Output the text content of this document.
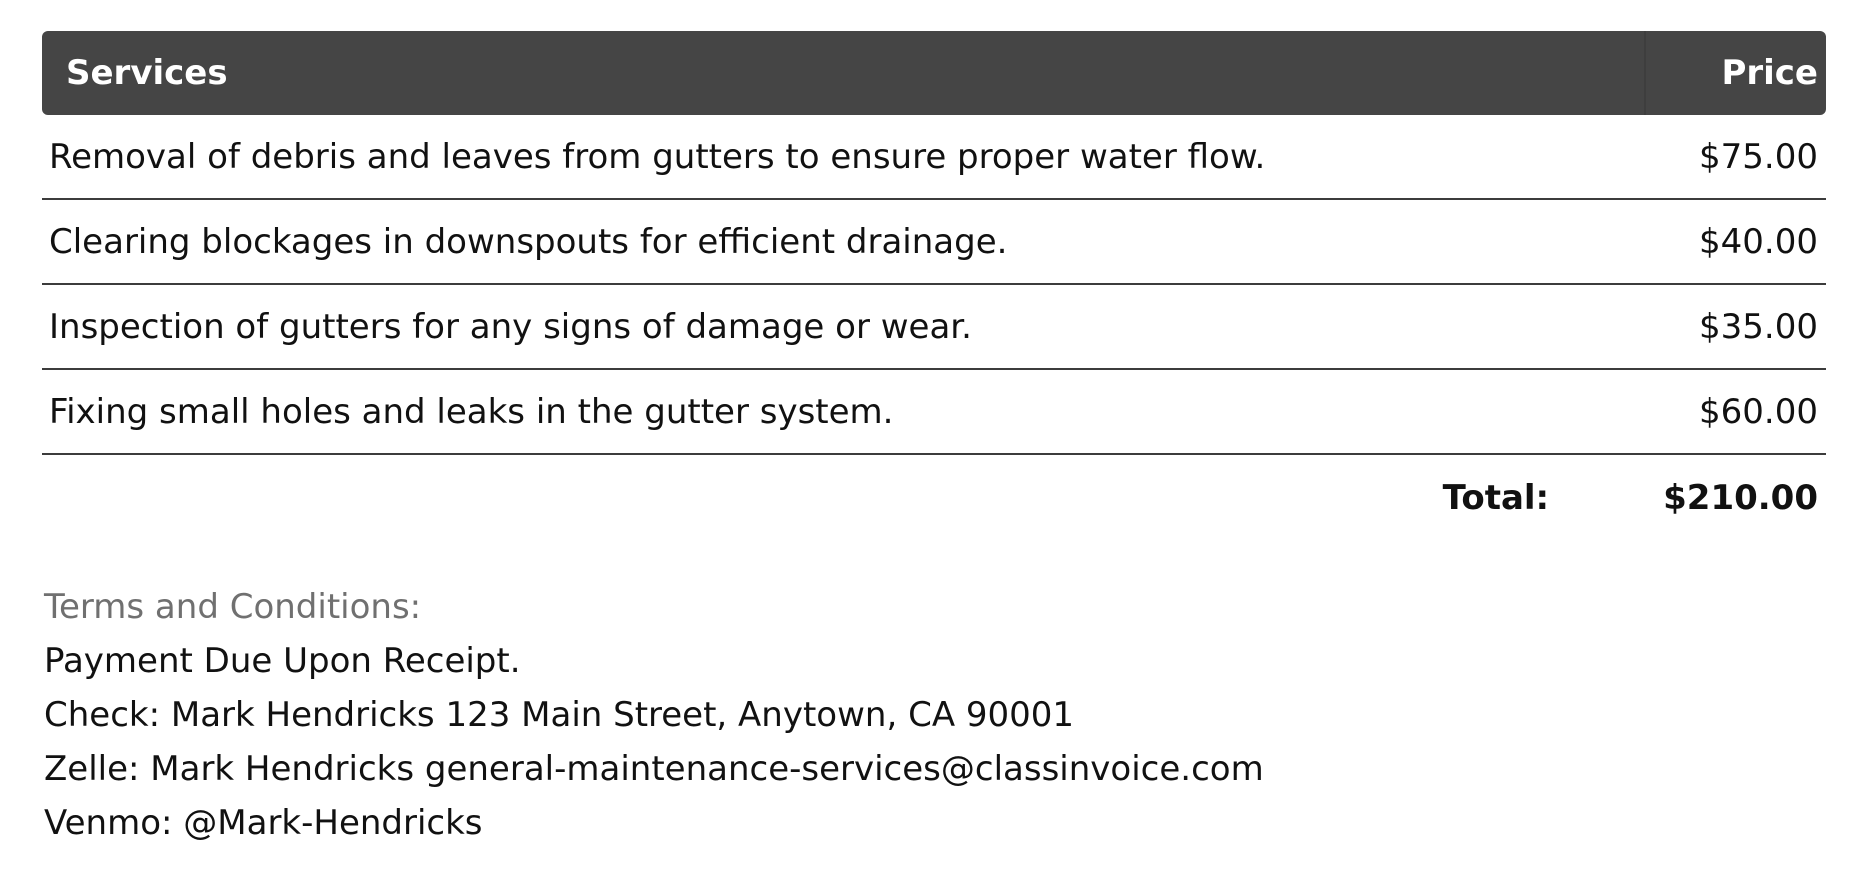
Services	Price
Removal of debris and leaves from gutters to ensure proper water flow.	$75.00
Clearing blockages in downspouts for efficient drainage.	$40.00
Inspection of gutters for any signs of damage or wear.	$35.00
Fixing small holes and leaks in the gutter system.	$60.00
Total:	$210.00
Terms and Conditions:
Payment Due Upon Receipt.
Check: Mark Hendricks 123 Main Street, Anytown, CA 90001
Zelle: Mark Hendricks general-maintenance-services@classinvoice.com
Venmo: @Mark-Hendricks
